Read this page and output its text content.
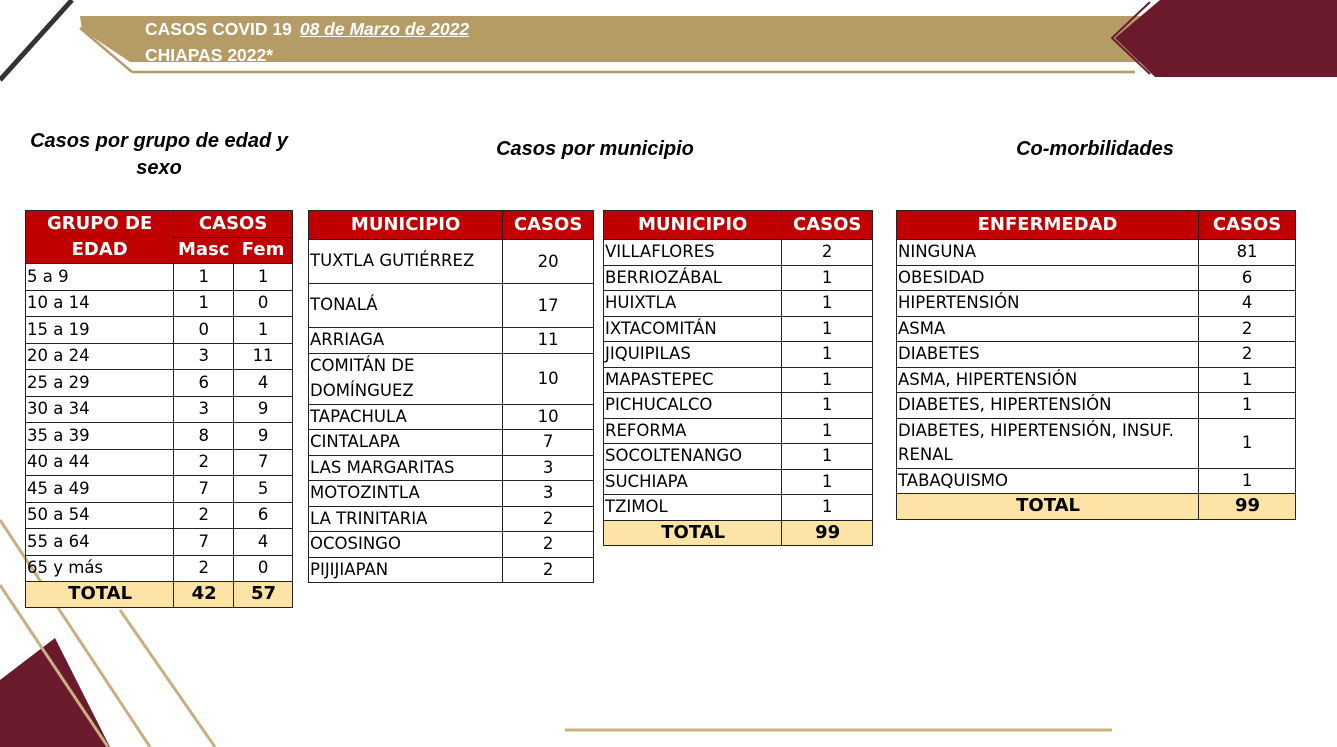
CASOS COVID 19 08 de Marzo de 2022
CHIAPAS 2022*
Casos por grupo de edad y sexo
Casos por municipio	Co-morbilidades
GRUPO DE EDAD	CASOS	
	Masc	Fem
5 a 9	1	1
10 a 14	1	0
15 a 19	0	1
20 a 24	3	11
25 a 29	6	4
30 a 34	3	9
35 a 39	8	9
40 a 44	2	7
45 a 49	7	5
50 a 54	2	6
55 a 64	7	4
65 y más	2	0
TOTAL	42	57
MUNICIPIO	CASOS
TUXTLA GUTIÉRREZ	20
TONALÁ	17
ARRIAGA	11
COMITÁN DE DOMÍNGUEZ	10
TAPACHULA	10
CINTALAPA	7
LAS MARGARITAS	3
MOTOZINTLA	3
LA TRINITARIA	2
OCOSINGO	2
PIJIJIAPAN	2
MUNICIPIO	CASOS
VILLAFLORES	2
BERRIOZÁBAL	1
HUIXTLA	1
IXTACOMITÁN	1
JIQUIPILAS	1
MAPASTEPEC	1
PICHUCALCO	1
REFORMA	1
SOCOLTENANGO	1
SUCHIAPA	1
TZIMOL	1
TOTAL	99
ENFERMEDAD	CASOS
NINGUNA	81
OBESIDAD	6
HIPERTENSIÓN	4
ASMA	2
DIABETES	2
ASMA, HIPERTENSIÓN	1
DIABETES, HIPERTENSIÓN	1
DIABETES, HIPERTENSIÓN, INSUF. RENAL	1
TABAQUISMO	1
TOTAL	99
